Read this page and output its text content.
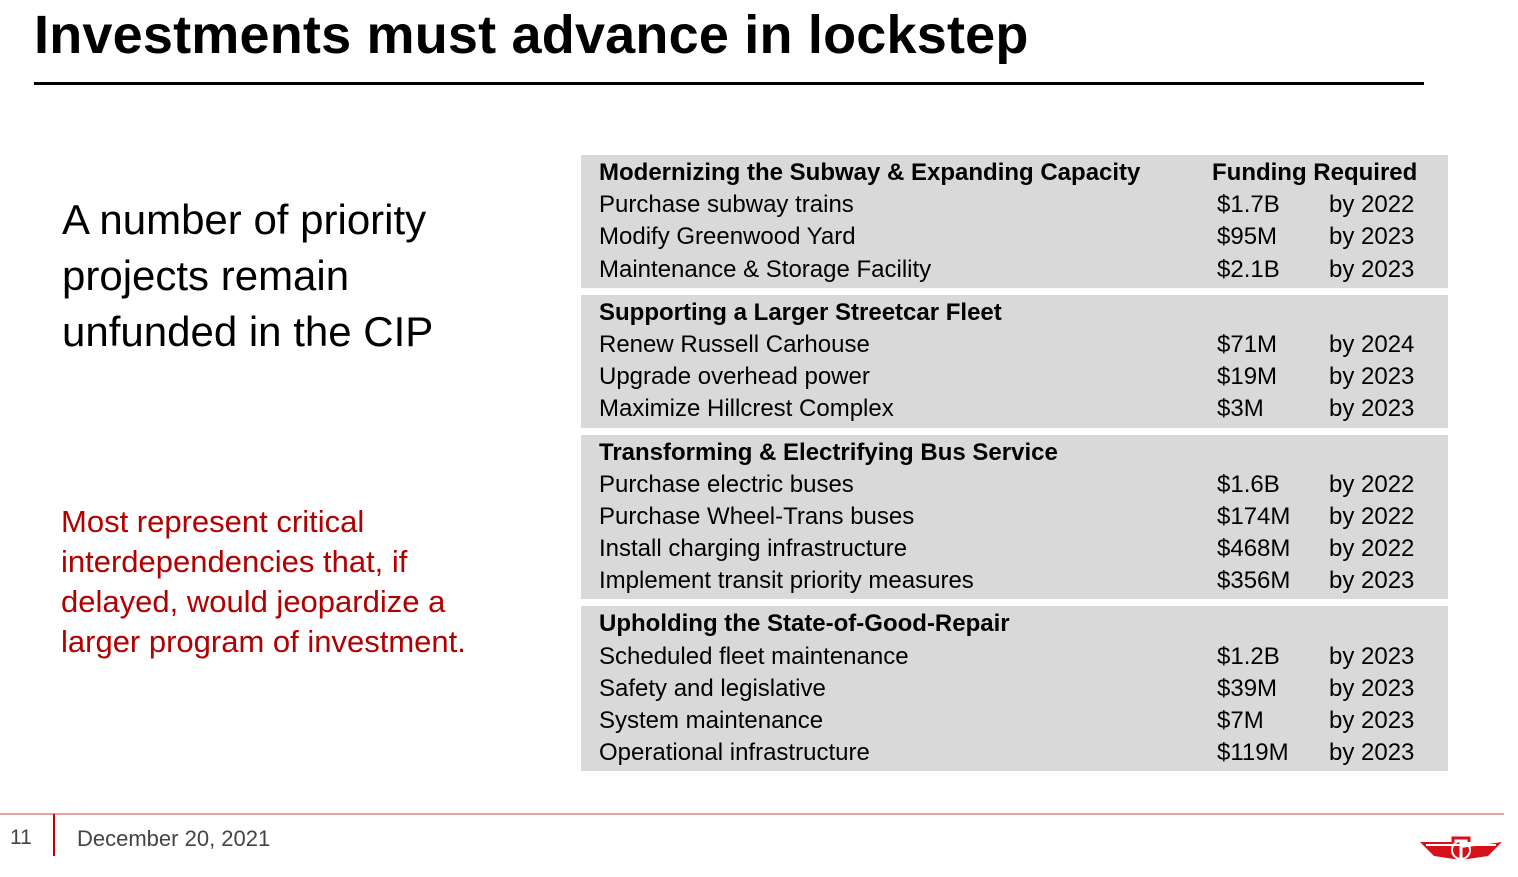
Investments must advance in lockstep
A number of priority projects remain unfunded in the CIP
Most represent critical interdependencies that, if delayed, would jeopardize a larger program of investment.
Modernizing the Subway & Expanding Capacity	Funding Required
Purchase subway trains	$1.7B by 2022
Modify Greenwood Yard	$95M by 2023
Maintenance & Storage Facility	$2.1B by 2023
Supporting a Larger Streetcar Fleet
Renew Russell Carhouse	$71M by 2024
Upgrade overhead power	$19M by 2023
Maximize Hillcrest Complex	$3M	by 2023
Transforming & Electrifying Bus Service
Purchase electric buses	$1.6B by 2022
Purchase Wheel-Trans buses	$174M by 2022
Install charging infrastructure	$468M by 2022
Implement transit priority measures	$356M by 2023
Upholding the State-of-Good-Repair
Scheduled fleet maintenance	$1.2B by 2023
Safety and legislative	$39M by 2023
System maintenance	$7M	by 2023
Operational infrastructure	$119M by 2023
11 December 20, 2021
